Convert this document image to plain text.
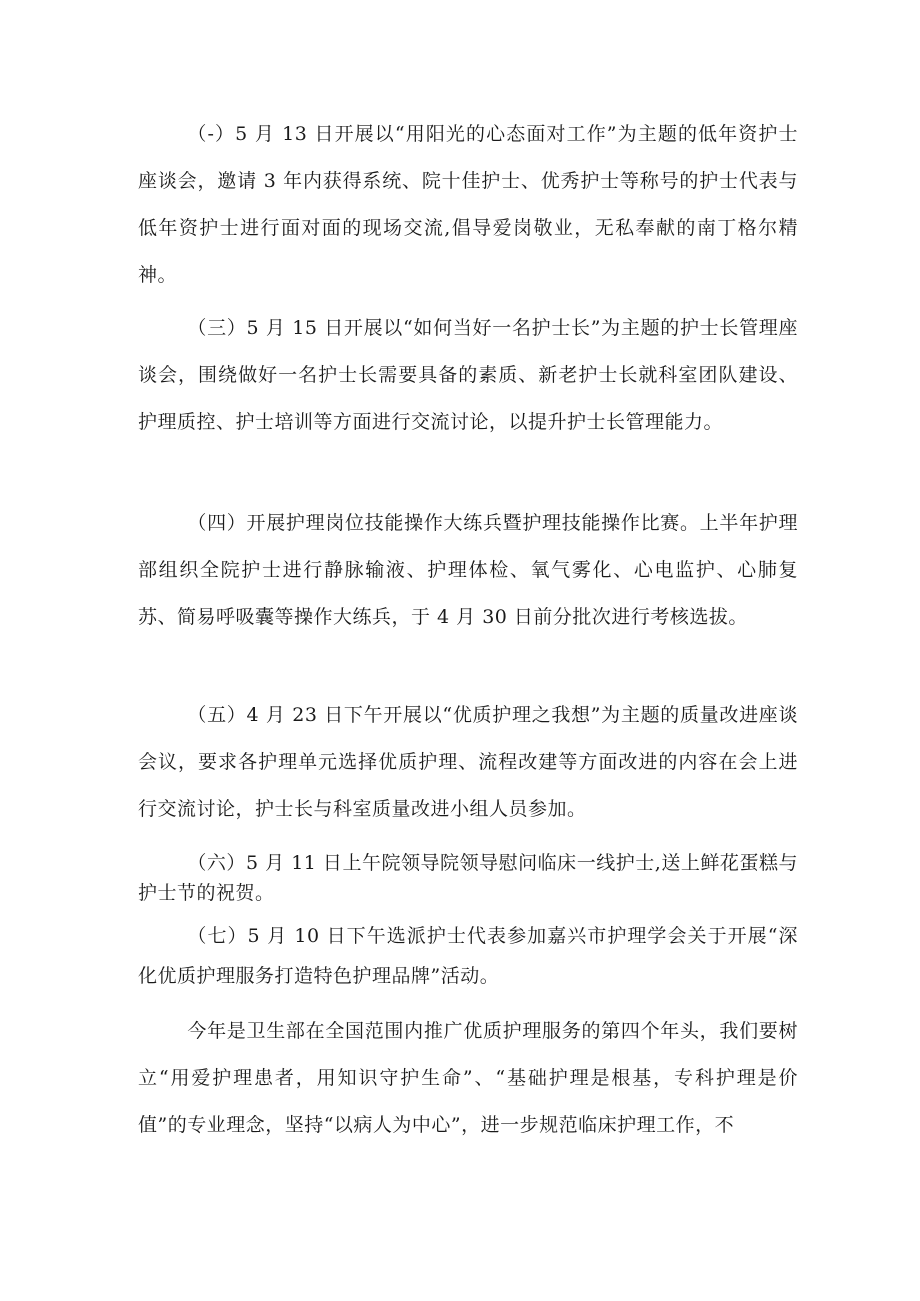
（-）5 月 13 日开展以“用阳光的心态面对工作”为主题的低年资护士座谈会，邀请 3 年内获得系统、院十佳护士、优秀护士等称号的护士代表与低年资护士进行面对面的现场交流,倡导爱岗敬业，无私奉献的南丁格尔精神。

（三）5 月 15 日开展以“如何当好一名护士长”为主题的护士长管理座谈会，围绕做好一名护士长需要具备的素质、新老护士长就科室团队建设、护理质控、护士培训等方面进行交流讨论，以提升护士长管理能力。

（四）开展护理岗位技能操作大练兵暨护理技能操作比赛。上半年护理部组织全院护士进行静脉输液、护理体检、氧气雾化、心电监护、心肺复苏、简易呼吸囊等操作大练兵，于 4 月 30 日前分批次进行考核选拔。

（五）4 月 23 日下午开展以“优质护理之我想”为主题的质量改进座谈会议，要求各护理单元选择优质护理、流程改建等方面改进的内容在会上进行交流讨论，护士长与科室质量改进小组人员参加。

（六）5 月 11 日上午院领导院领导慰问临床一线护士,送上鲜花蛋糕与护士节的祝贺。

（七）5 月 10 日下午选派护士代表参加嘉兴市护理学会关于开展“深化优质护理服务打造特色护理品牌”活动。

今年是卫生部在全国范围内推广优质护理服务的第四个年头，我们要树立“用爱护理患者，用知识守护生命”、“基础护理是根基，专科护理是价值”的专业理念，坚持“以病人为中心”，进一步规范临床护理工作，不
